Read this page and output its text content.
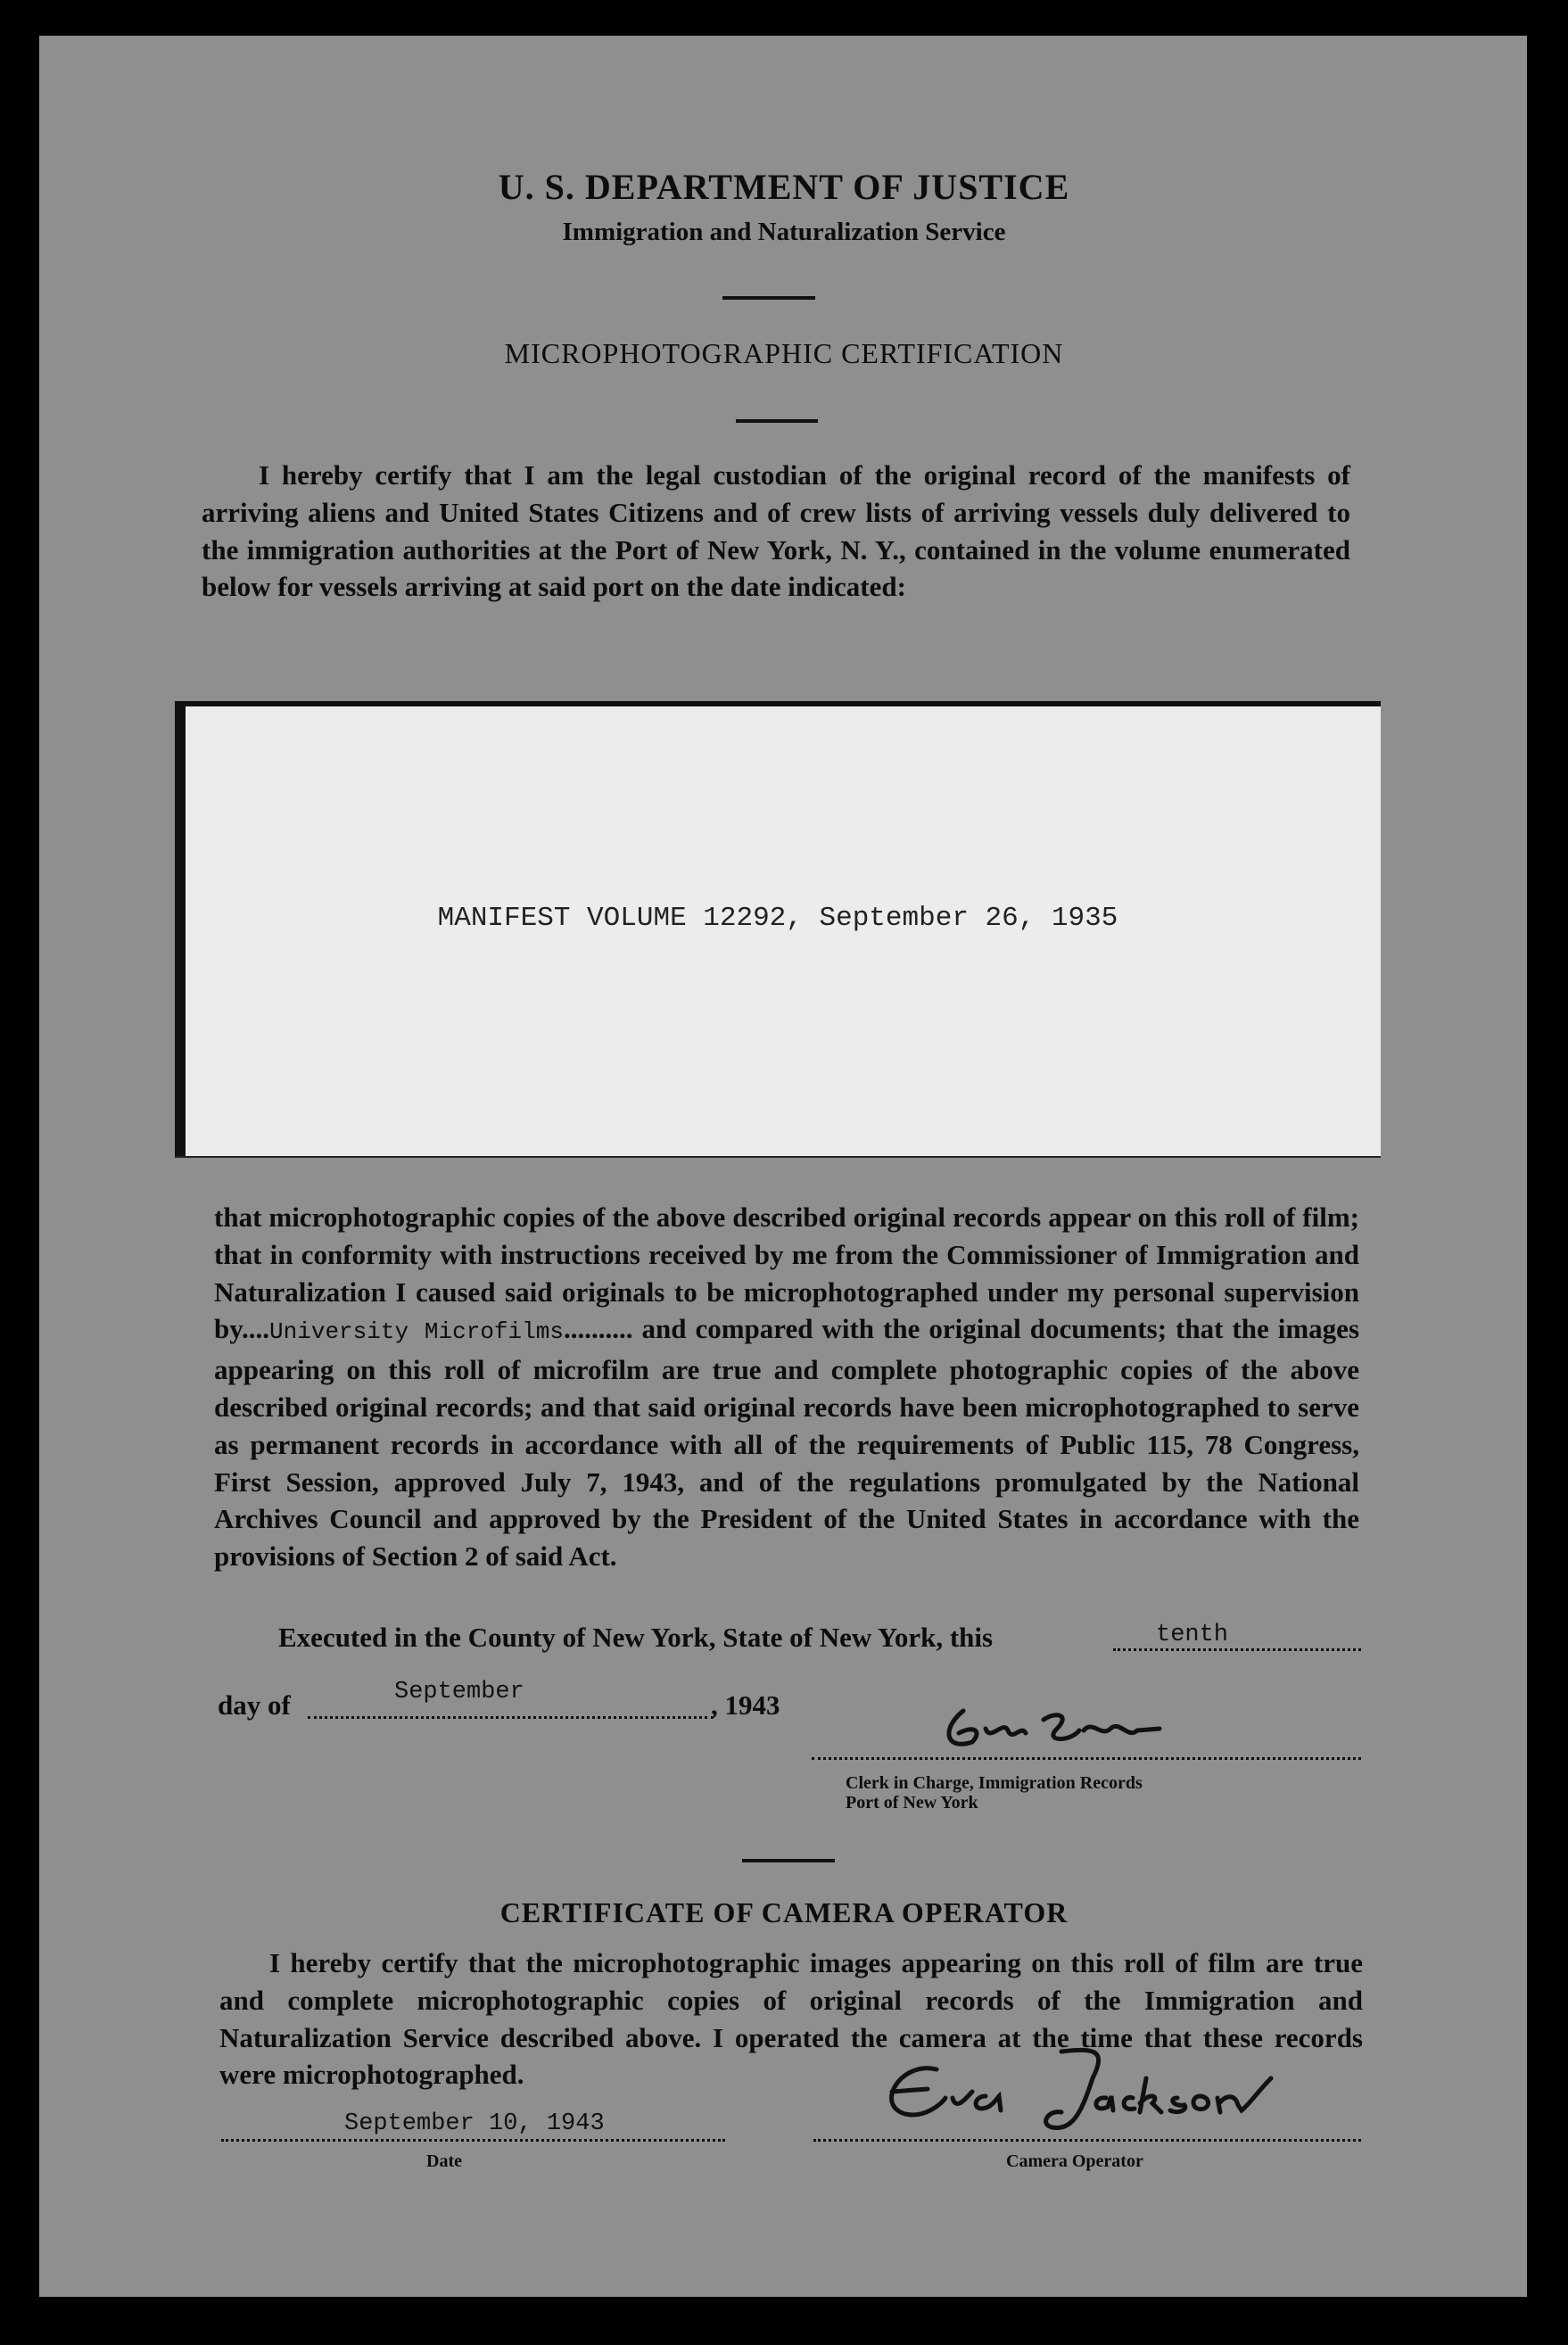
U. S. DEPARTMENT OF JUSTICE
Immigration and Naturalization Service
MICROPHOTOGRAPHIC CERTIFICATION
I hereby certify that I am the legal custodian of the original record of the manifests of arriving aliens and United States Citizens and of crew lists of arriving vessels duly delivered to the immigration authorities at the Port of New York, N. Y., contained in the volume enumerated below for vessels arriving at said port on the date indicated:
MANIFEST VOLUME 12292, September 26, 1935
that microphotographic copies of the above described original records appear on this roll of film; that in conformity with instructions received by me from the Commissioner of Immigration and Naturalization I caused said originals to be microphotographed under my personal supervision by....University Microfilms.......... and compared with the original documents; that the images appearing on this roll of microfilm are true and complete photographic copies of the above described original records; and that said original records have been microphotographed to serve as permanent records in accordance with all of the requirements of Public 115, 78 Congress, First Session, approved July 7, 1943, and of the regulations promulgated by the National Archives Council and approved by the President of the United States in accordance with the provisions of Section 2 of said Act.
Executed in the County of New York, State of New York, this	tenth
day of	September	, 1943
Clerk in Charge, Immigration Records
Port of New York
CERTIFICATE OF CAMERA OPERATOR
I hereby certify that the microphotographic images appearing on this roll of film are true and complete microphotographic copies of original records of the Immigration and Naturalization Service described above. I operated the camera at the time that these records were microphotographed.
September 10, 1943
Date	Camera Operator
